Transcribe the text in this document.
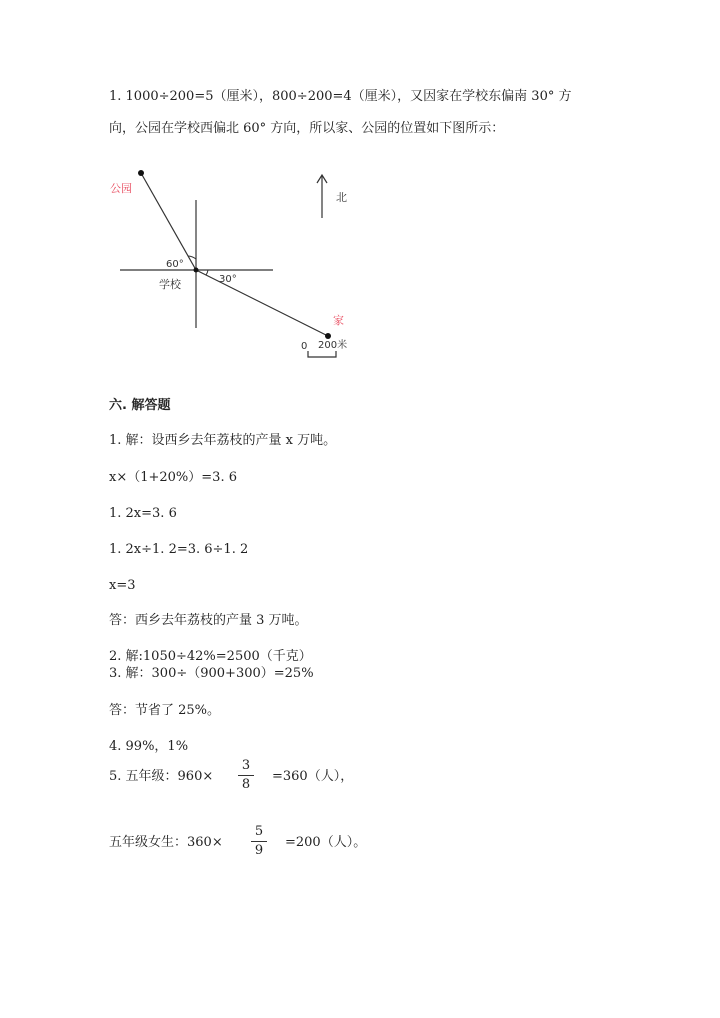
1. 1000÷200=5（厘米），800÷200=4（厘米），又因家在学校东偏南 30° 方
向，公园在学校西偏北 60° 方向，所以家、公园的位置如下图所示：
公园
60°
30°
学校
家
北
0 200米
六. 解答题
1. 解：设西乡去年荔枝的产量 x 万吨。
x×（1+20%）=3. 6
1. 2x=3. 6
1. 2x÷1. 2=3. 6÷1. 2
x=3
答：西乡去年荔枝的产量 3 万吨。
2. 解:1050÷42%=2500（千克）
3. 解：300÷（900+300）=25%
答：节省了 25%。
4. 99%，1%
5. 五年级：960×
3
8
=360（人），
五年级女生：360×
5
9
=200（人）。
